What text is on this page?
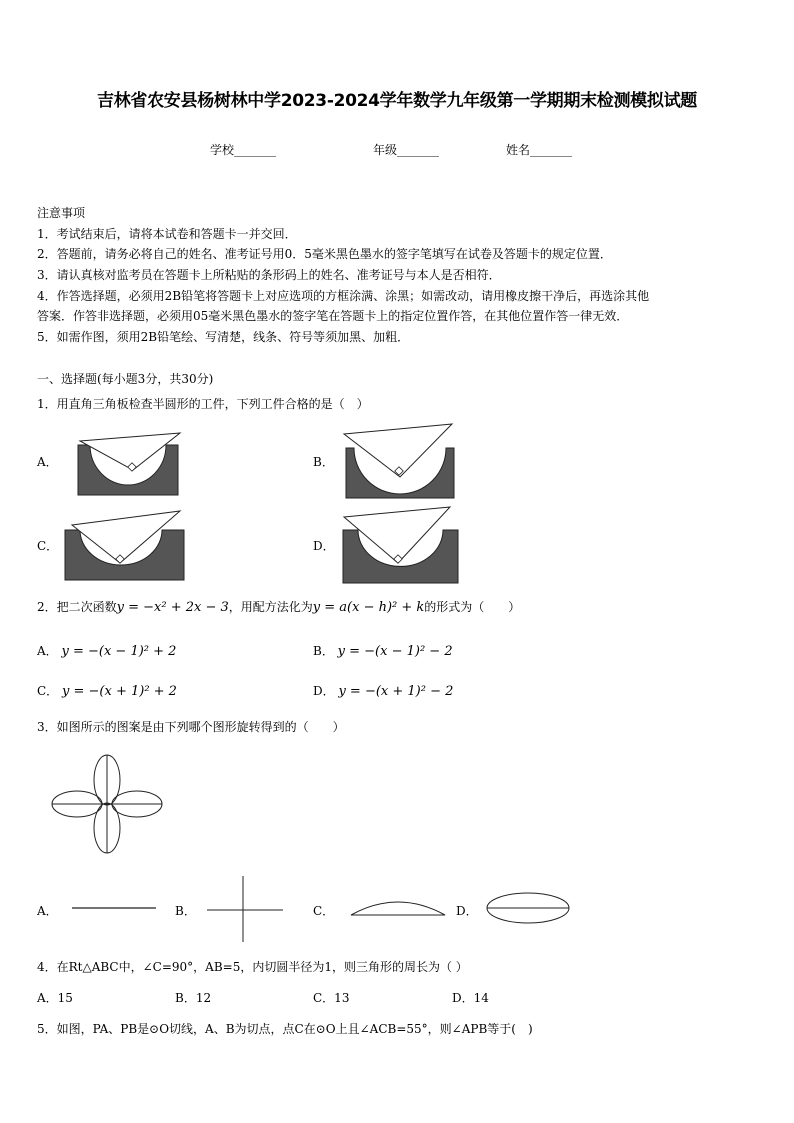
吉林省农安县杨树林中学2023-2024学年数学九年级第一学期期末检测模拟试题
学校_______	年级_______	姓名_______
注意事项
1．考试结束后，请将本试卷和答题卡一并交回．
2．答题前，请务必将自己的姓名、准考证号用0．5毫米黑色墨水的签字笔填写在试卷及答题卡的规定位置．
3．请认真核对监考员在答题卡上所粘贴的条形码上的姓名、准考证号与本人是否相符．
4．作答选择题，必须用2B铅笔将答题卡上对应选项的方框涂满、涂黑；如需改动，请用橡皮擦干净后，再选涂其他
答案．作答非选择题，必须用05毫米黑色墨水的签字笔在答题卡上的指定位置作答，在其他位置作答一律无效．
5．如需作图，须用2B铅笔绘、写清楚，线条、符号等须加黑、加粗．
一、选择题(每小题3分，共30分)
1．用直角三角板检查半圆形的工件，下列工件合格的是（　）
A．	B．
C．	D．
2．把二次函数y = −x² + 2x − 3，用配方法化为y = a(x − h)² + k的形式为（　　）
A． y = −(x − 1)² + 2	B． y = −(x − 1)² − 2
C． y = −(x + 1)² + 2	D． y = −(x + 1)² − 2
3．如图所示的图案是由下列哪个图形旋转得到的（　　）
A．	B．	C．	D．
4．在Rt△ABC中，∠C=90°，AB=5，内切圆半径为1，则三角形的周长为（ ）
A．15	B．12	C．13	D．14
5．如图，PA、PB是⊙O切线，A、B为切点，点C在⊙O上且∠ACB=55°，则∠APB等于(　)
